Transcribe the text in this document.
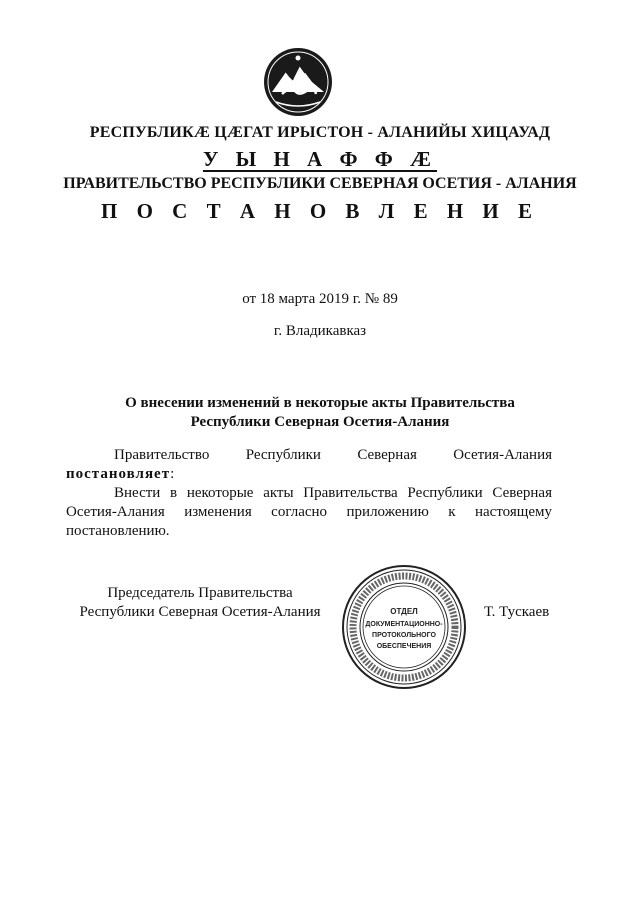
РЕСПУБЛИКÆ ЦÆГАТ ИРЫСТОН - АЛАНИЙЫ ХИЦАУАД
У Ы Н А Ф Ф Æ
ПРАВИТЕЛЬСТВО РЕСПУБЛИКИ СЕВЕРНАЯ ОСЕТИЯ - АЛАНИЯ
П О С Т А Н О В Л Е Н И Е
от 18 марта 2019 г. № 89
г. Владикавказ
О внесении изменений в некоторые акты Правительства
Республики Северная Осетия-Алания
Правительство Республики Северная Осетия-Алания
постановляет:
Внести в некоторые акты Правительства Республики Северная
Осетия-Алания изменения согласно приложению к настоящему
постановлению.
Председатель Правительства
Республики Северная Осетия-Алания	ОТДЕЛ
ДОКУМЕНТАЦИОННО-
ПРОТОКОЛЬНОГО
ОБЕСПЕЧЕНИЯ
Т. Тускаев
